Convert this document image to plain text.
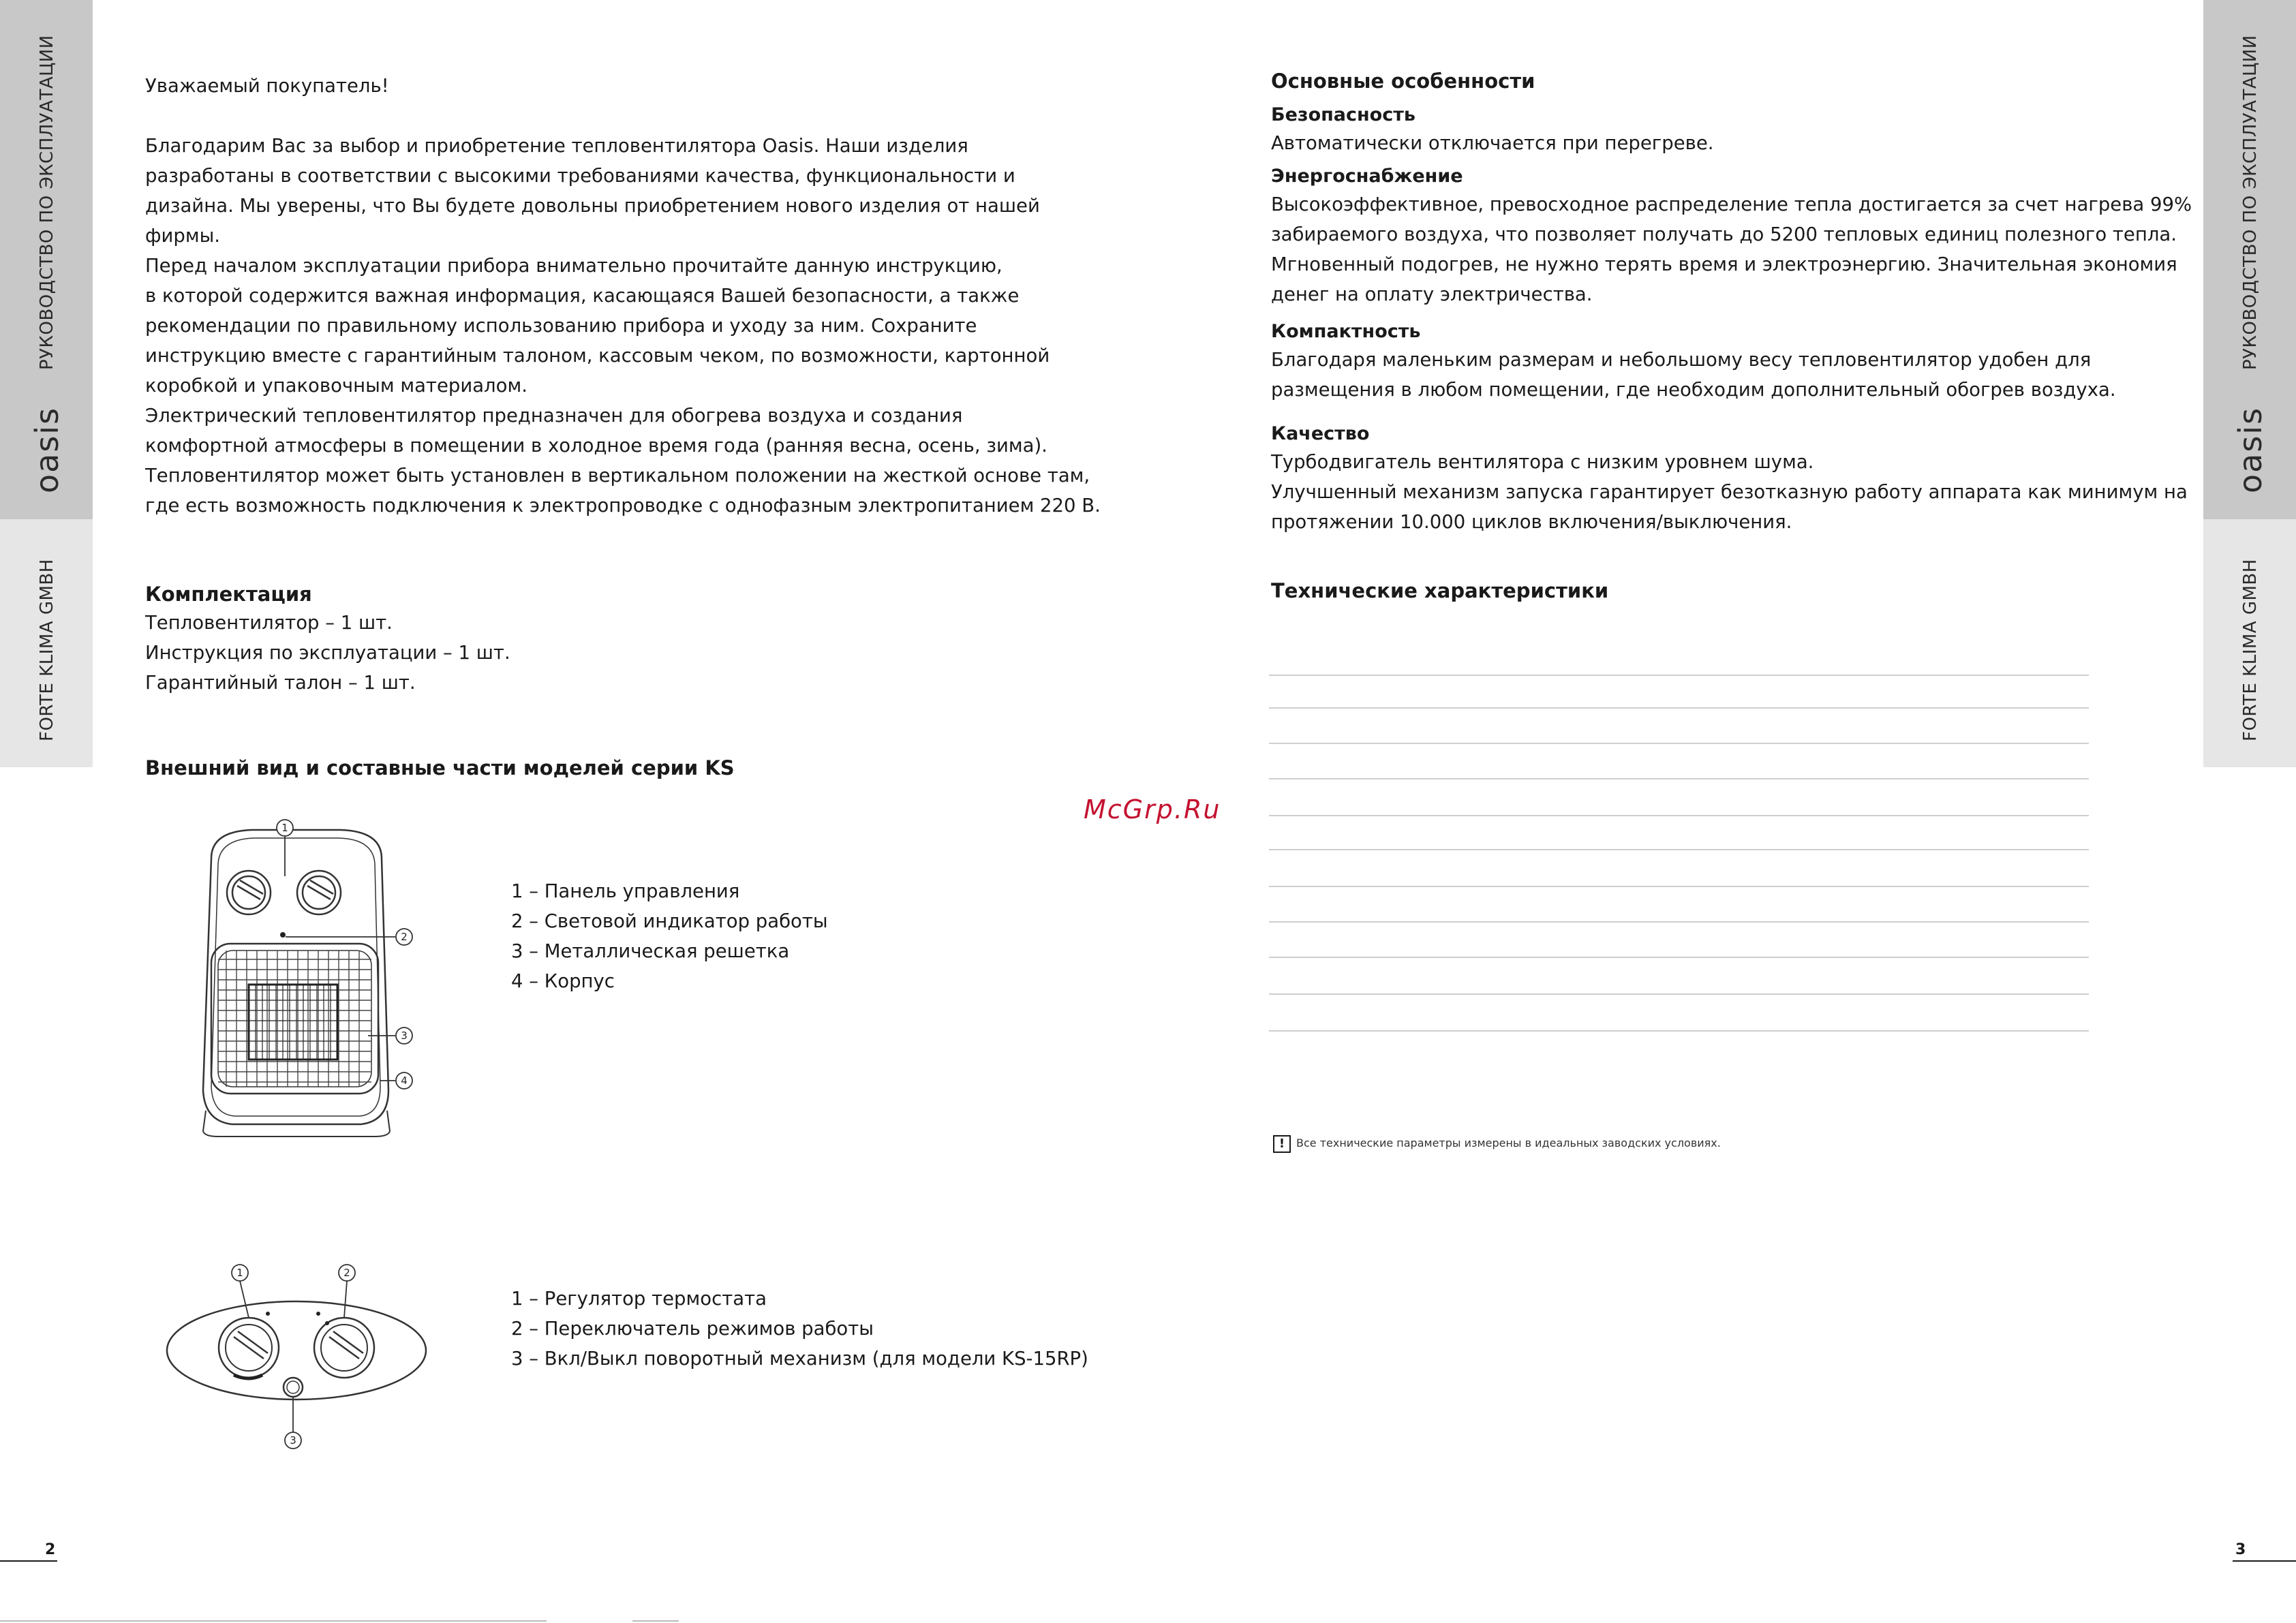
РУКОВОДСТВО ПО ЭКСПЛУАТАЦИИ
oasis
FORTE KLIMA GMBH
РУКОВОДСТВО ПО ЭКСПЛУАТАЦИИ
oasis
FORTE KLIMA GMBH

Уважаемый покупатель!

Благодарим Вас за выбор и приобретение тепловентилятора Oasis. Наши изделия

разработаны в соответствии с высокими требованиями качества, функциональности и

дизайна. Мы уверены, что Вы будете довольны приобретением нового изделия от нашей

фирмы.

Перед началом эксплуатации прибора внимательно прочитайте данную инструкцию,

в которой содержится важная информация, касающаяся Вашей безопасности, а также

рекомендации по правильному использованию прибора и уходу за ним. Сохраните

инструкцию вместе с гарантийным талоном, кассовым чеком, по возможности, картонной

коробкой и упаковочным материалом.

Электрический тепловентилятор предназначен для обогрева воздуха и создания

комфортной атмосферы в помещении в холодное время года (ранняя весна, осень, зима).

Тепловентилятор может быть установлен в вертикальном положении на жесткой основе там,

где есть возможность подключения к электропроводке с однофазным электропитанием 220 В.

Комплектация

Тепловентилятор – 1 шт.

Инструкция по эксплуатации – 1 шт.

Гарантийный талон – 1 шт.

Внешний вид и составные части моделей серии KS

McGrp.Ru
1
2
3
4

1 – Панель управления

2 – Световой индикатор работы

3 – Металлическая решетка

4 – Корпус

1	2
3

1 – Регулятор термостата

2 – Переключатель режимов работы

3 – Вкл/Выкл поворотный механизм (для модели KS-15RP)

Основные особенности

Безопасность

Автоматически отключается при перегреве.

Энергоснабжение

Высокоэффективное, превосходное распределение тепла достигается за счет нагрева 99%

забираемого воздуха, что позволяет получать до 5200 тепловых единиц полезного тепла.

Мгновенный подогрев, не нужно терять время и электроэнергию. Значительная экономия

денег на оплату электричества.

Компактность

Благодаря маленьким размерам и небольшому весу тепловентилятор удобен для

размещения в любом помещении, где необходим дополнительный обогрев воздуха.

Качество

Турбодвигатель вентилятора с низким уровнем шума.

Улучшенный механизм запуска гарантирует безотказную работу аппарата как минимум на

протяжении 10.000 циклов включения/выключения.

Технические характеристики

!	Все технические параметры измерены в идеальных заводских условиях.
2	3
